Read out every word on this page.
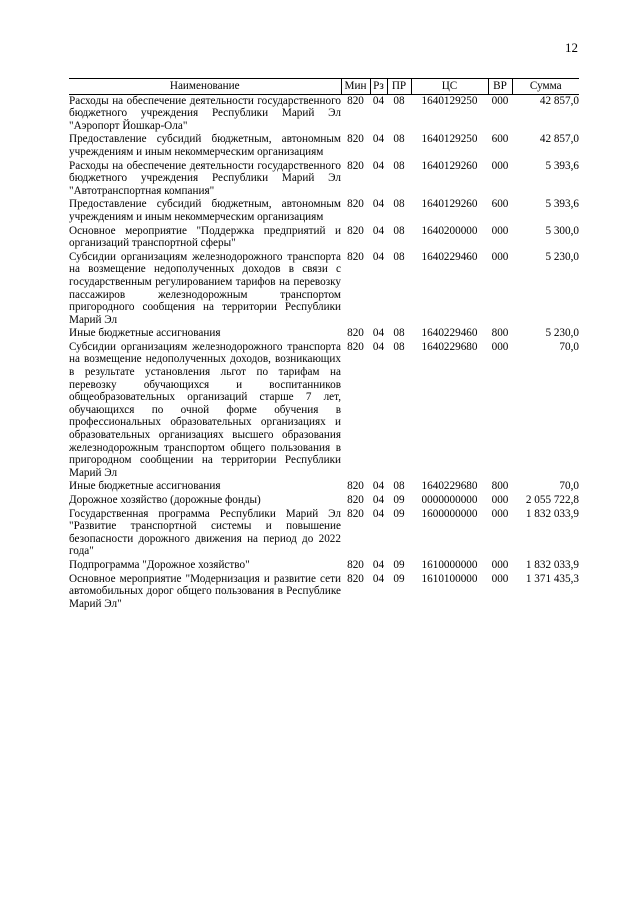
12
Наименование	Мин	Рз	ПР	ЦС	ВР	Сумма
Расходы на обеспечение деятельности государственного бюджетного учреждения Республики Марий Эл "Аэропорт Йошкар-Ола"	820	04	08	1640129250	000	42 857,0
Предоставление субсидий бюджетным, автономным учреждениям и иным некоммерческим организациям	820	04	08	1640129250	600	42 857,0
Расходы на обеспечение деятельности государственного бюджетного учреждения Республики Марий Эл "Автотранспортная компания"	820	04	08	1640129260	000	5 393,6
Предоставление субсидий бюджетным, автономным учреждениям и иным некоммерческим организациям	820	04	08	1640129260	600	5 393,6
Основное мероприятие "Поддержка предприятий и организаций транспортной сферы"	820	04	08	1640200000	000	5 300,0
Субсидии организациям железнодорожного транспорта на возмещение недополученных доходов в связи с государственным регулированием тарифов на перевозку пассажиров железнодорожным транспортом пригородного сообщения на территории Республики Марий Эл	820	04	08	1640229460	000	5 230,0
Иные бюджетные ассигнования	820	04	08	1640229460	800	5 230,0
Субсидии организациям железнодорожного транспорта на возмещение недополученных доходов, возникающих в результате установления льгот по тарифам на перевозку обучающихся и воспитанников общеобразовательных организаций старше 7 лет, обучающихся по очной форме обучения в профессиональных образовательных организациях и образовательных организациях высшего образования железнодорожным транспортом общего пользования в пригородном сообщении на территории Республики Марий Эл	820	04	08	1640229680	000	70,0
Иные бюджетные ассигнования	820	04	08	1640229680	800	70,0
Дорожное хозяйство (дорожные фонды)	820	04	09	0000000000	000	2 055 722,8
Государственная программа Республики Марий Эл "Развитие транспортной системы и повышение безопасности дорожного движения на период до 2022 года"	820	04	09	1600000000	000	1 832 033,9
Подпрограмма "Дорожное хозяйство"	820	04	09	1610000000	000	1 832 033,9
Основное мероприятие "Модернизация и развитие сети автомобильных дорог общего пользования в Республике Марий Эл"	820	04	09	1610100000	000	1 371 435,3
